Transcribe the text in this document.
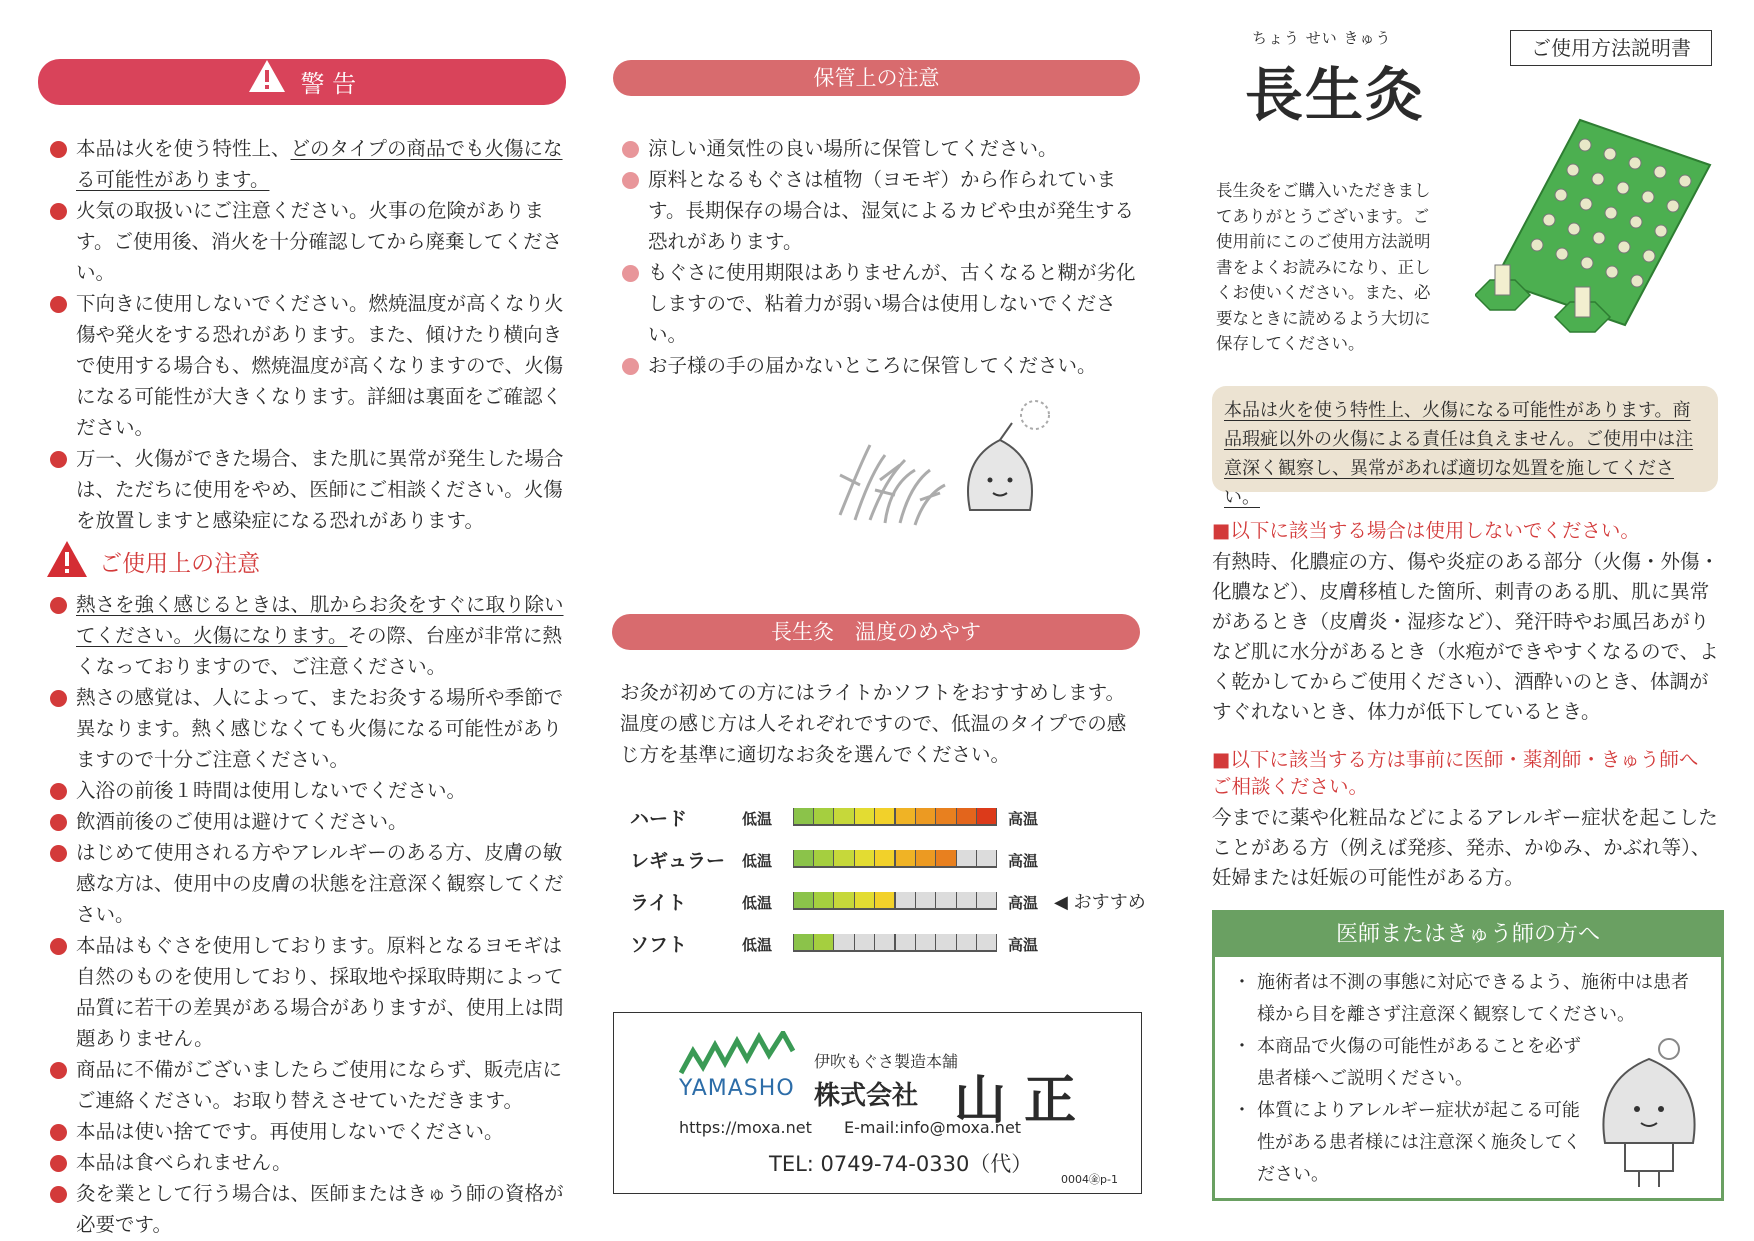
警 告
本品は火を使う特性上、どのタイプの商品でも火傷になる可能性があります。
火気の取扱いにご注意ください。火事の危険があります。ご使用後、消火を十分確認してから廃棄してください。
下向きに使用しないでください。燃焼温度が高くなり火傷や発火をする恐れがあります。また、傾けたり横向きで使用する場合も、燃焼温度が高くなりますので、火傷になる可能性が大きくなります。詳細は裏面をご確認ください。
万一、火傷ができた場合、また肌に異常が発生した場合は、ただちに使用をやめ、医師にご相談ください。火傷を放置しますと感染症になる恐れがあります。
ご使用上の注意
熱さを強く感じるときは、肌からお灸をすぐに取り除いてください。火傷になります。その際、台座が非常に熱くなっておりますので、ご注意ください。
熱さの感覚は、人によって、またお灸する場所や季節で異なります。熱く感じなくても火傷になる可能性がありますので十分ご注意ください。
入浴の前後１時間は使用しないでください。
飲酒前後のご使用は避けてください。
はじめて使用される方やアレルギーのある方、皮膚の敏感な方は、使用中の皮膚の状態を注意深く観察してください。
本品はもぐさを使用しております。原料となるヨモギは自然のものを使用しており、採取地や採取時期によって品質に若干の差異がある場合がありますが、使用上は問題ありません。
商品に不備がございましたらご使用にならず、販売店にご連絡ください。お取り替えさせていただきます。
本品は使い捨てです。再使用しないでください。
本品は食べられません。
灸を業として行う場合は、医師またはきゅう師の資格が必要です。
保管上の注意
涼しい通気性の良い場所に保管してください。
原料となるもぐさは植物（ヨモギ）から作られています。長期保存の場合は、湿気によるカビや虫が発生する恐れがあります。
もぐさに使用期限はありませんが、古くなると糊が劣化しますので、粘着力が弱い場合は使用しないでください。
お子様の手の届かないところに保管してください。
長生灸　温度のめやす
お灸が初めての方にはライトかソフトをおすすめします。温度の感じ方は人それぞれですので、低温のタイプでの感じ方を基準に適切なお灸を選んでください。
ハード	低温	高温
レギュラー	低温	高温
ライト	低温	高温 ◀ おすすめ
ソフト	低温	高温
YAMASHO
伊吹もぐさ製造本舗
株式会社 山 正
https://moxa.net E-mail:info@moxa.net
TEL: 0749-74-0330（代）
0004㊎p-1
ちょう せい きゅう
長生灸
ご使用方法説明書
長生灸をご購入いただきましてありがとうございます。ご使用前にこのご使用方法説明書をよくお読みになり、正しくお使いください。また、必要なときに読めるよう大切に保存してください。
本品は火を使う特性上、火傷になる可能性があります。商品瑕疵以外の火傷による責任は負えません。ご使用中は注意深く観察し、異常があれば適切な処置を施してください。
■以下に該当する場合は使用しないでください。
有熱時、化膿症の方、傷や炎症のある部分（火傷・外傷・化膿など）、皮膚移植した箇所、刺青のある肌、肌に異常があるとき（皮膚炎・湿疹など）、発汗時やお風呂あがりなど肌に水分があるとき（水疱ができやすくなるので、よく乾かしてからご使用ください）、酒酔いのとき、体調がすぐれないとき、体力が低下しているとき。
■以下に該当する方は事前に医師・薬剤師・きゅう師へご相談ください。
今までに薬や化粧品などによるアレルギー症状を起こしたことがある方（例えば発疹、発赤、かゆみ、かぶれ等）、妊婦または妊娠の可能性がある方。
医師またはきゅう師の方へ
・ 施術者は不測の事態に対応できるよう、施術中は患者様から目を離さず注意深く観察してください。
・ 本商品で火傷の可能性があることを必ず患者様へご説明ください。
・ 体質によりアレルギー症状が起こる可能性がある患者様には注意深く施灸してください。
